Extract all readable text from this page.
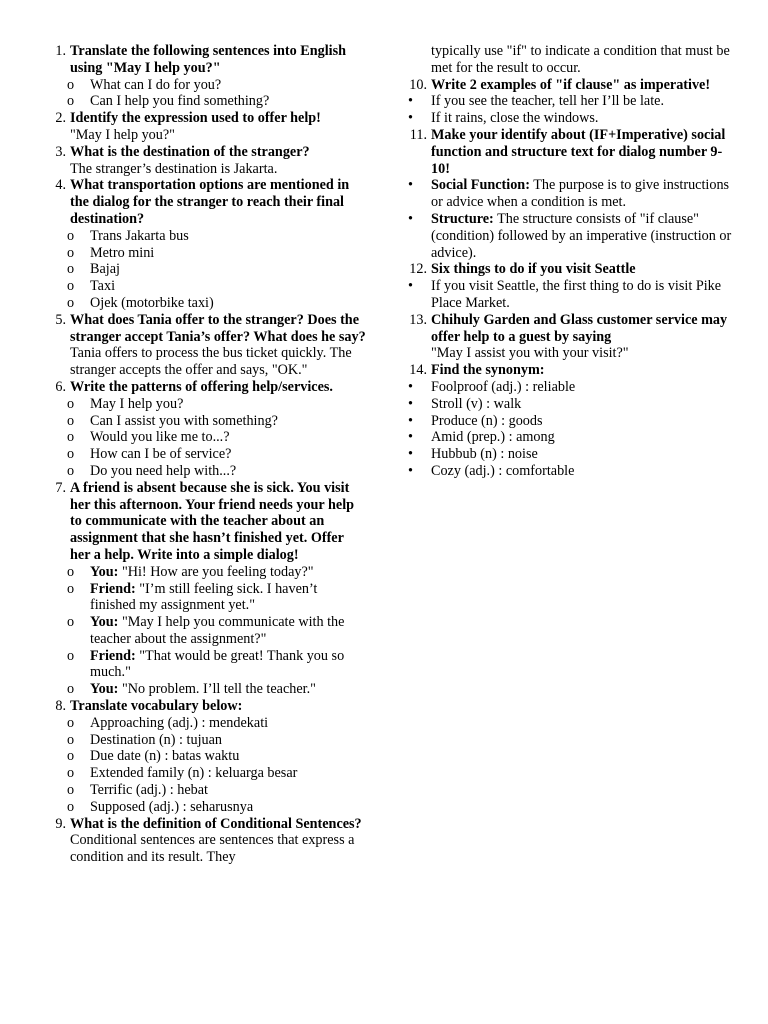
1. Translate the following sentences into English using "May I help you?"
o What can I do for you?
o Can I help you find something?
2. Identify the expression used to offer help!
"May I help you?"
3. What is the destination of the stranger?
The stranger’s destination is Jakarta.
4. What transportation options are mentioned in the dialog for the stranger to reach their final destination?
o Trans Jakarta bus
o Metro mini
o Bajaj
o Taxi
o Ojek (motorbike taxi)
5. What does Tania offer to the stranger? Does the stranger accept Tania’s offer? What does he say?
Tania offers to process the bus ticket quickly. The stranger accepts the offer and says, "OK."
6. Write the patterns of offering help/services.
o May I help you?
o Can I assist you with something?
o Would you like me to...?
o How can I be of service?
o Do you need help with...?
7. A friend is absent because she is sick. You visit her this afternoon. Your friend needs your help to communicate with the teacher about an assignment that she hasn’t finished yet. Offer her a help. Write into a simple dialog!
o You: "Hi! How are you feeling today?"
o Friend: "I’m still feeling sick. I haven’t finished my assignment yet."
o You: "May I help you communicate with the teacher about the assignment?"
o Friend: "That would be great! Thank you so much."
o You: "No problem. I’ll tell the teacher."
8. Translate vocabulary below:
o Approaching (adj.) : mendekati
o Destination (n) : tujuan
o Due date (n) : batas waktu
o Extended family (n) : keluarga besar
o Terrific (adj.) : hebat
o Supposed (adj.) : seharusnya
9. What is the definition of Conditional Sentences?
Conditional sentences are sentences that express a condition and its result. They
typically use "if" to indicate a condition that must be met for the result to occur.
10. Write 2 examples of "if clause" as imperative!
• If you see the teacher, tell her I’ll be late.
• If it rains, close the windows.
11. Make your identify about (IF+Imperative) social function and structure text for dialog number 9-10!
• Social Function: The purpose is to give instructions or advice when a condition is met.
• Structure: The structure consists of "if clause" (condition) followed by an imperative (instruction or advice).
12. Six things to do if you visit Seattle
• If you visit Seattle, the first thing to do is visit Pike Place Market.
13. Chihuly Garden and Glass customer service may offer help to a guest by saying
"May I assist you with your visit?"
14. Find the synonym:
• Foolproof (adj.) : reliable
• Stroll (v) : walk
• Produce (n) : goods
• Amid (prep.) : among
• Hubbub (n) : noise
• Cozy (adj.) : comfortable
